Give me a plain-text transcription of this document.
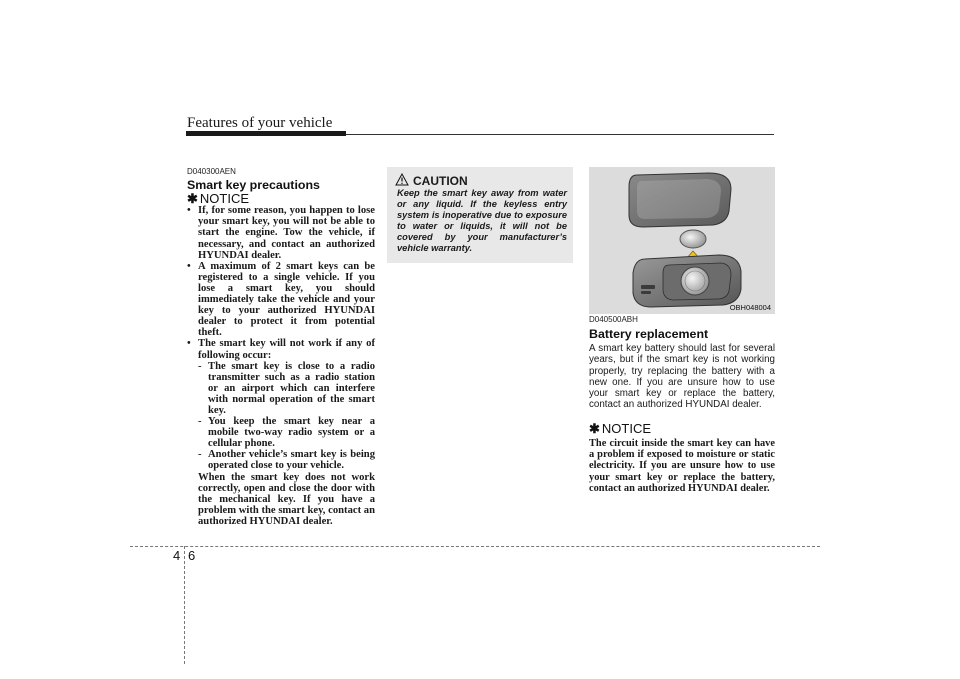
Features of your vehicle
D040300AEN
Smart key precautions
✱ NOTICE
• If, for some reason, you happen to lose your smart key, you will not be able to start the engine. Tow the vehicle, if necessary, and contact an authorized HYUNDAI dealer.
• A maximum of 2 smart keys can be registered to a single vehicle. If you lose a smart key, you should immediately take the vehicle and your key to your authorized HYUNDAI dealer to protect it from potential theft.
• The smart key will not work if any of following occur:
- The smart key is close to a radio transmitter such as a radio station or an airport which can interfere with normal operation of the smart key.
- You keep the smart key near a mobile two-way radio system or a cellular phone.
- Another vehicle’s smart key is being operated close to your vehicle.
When the smart key does not work correctly, open and close the door with the mechanical key. If you have a problem with the smart key, contact an authorized HYUNDAI dealer.
CAUTION
Keep the smart key away from water or any liquid. If the keyless entry system is inoperative due to exposure to water or liquids, it will not be covered by your manufacturer’s vehicle warranty.
OBH048004
D040500ABH
Battery replacement
A smart key battery should last for several years, but if the smart key is not working properly, try replacing the battery with a new one. If you are unsure how to use your smart key or replace the battery, contact an authorized HYUNDAI dealer.
✱ NOTICE
The circuit inside the smart key can have a problem if exposed to moisture or static electricity. If you are unsure how to use your smart key or replace the battery, contact an authorized HYUNDAI dealer.
4 6
